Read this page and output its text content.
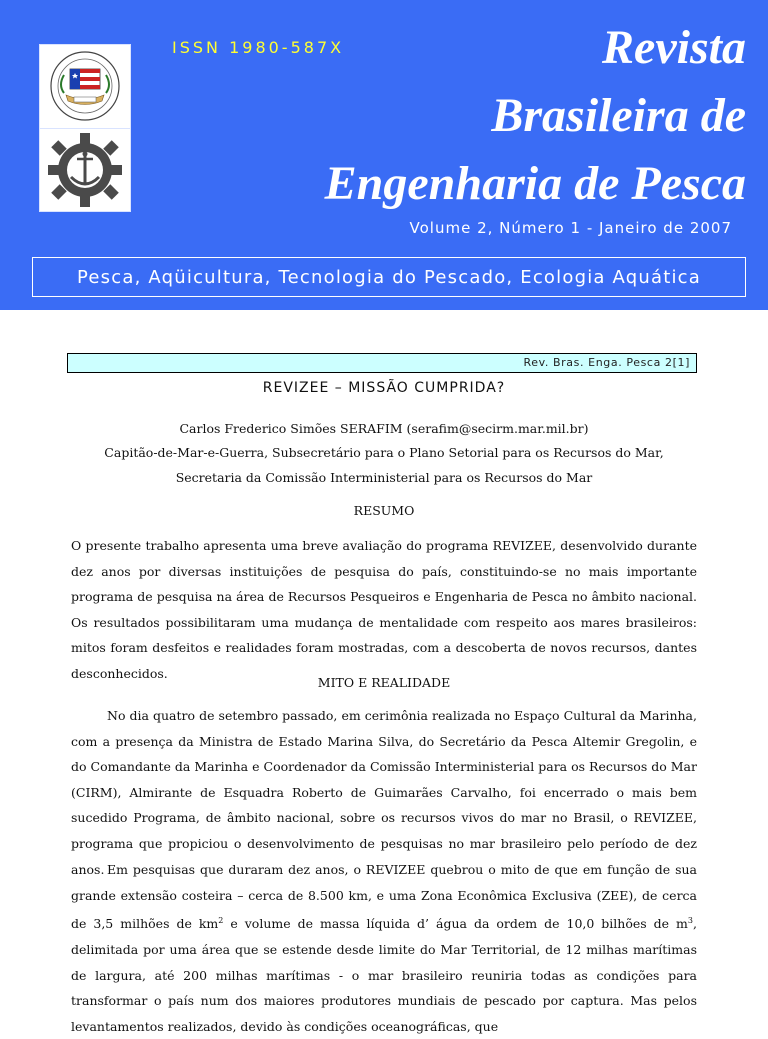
ISSN 1980-587X	Revista
Brasileira de
Engenharia de Pesca
Volume 2, Número 1 - Janeiro de 2007
Pesca, Aqüicultura, Tecnologia do Pescado, Ecologia Aquática
Rev. Bras. Enga. Pesca 2[1]
REVIZEE – MISSÃO CUMPRIDA?
Carlos Frederico Simões SERAFIM (serafim@secirm.mar.mil.br)
Capitão-de-Mar-e-Guerra, Subsecretário para o Plano Setorial para os Recursos do Mar,
Secretaria da Comissão Interministerial para os Recursos do Mar
RESUMO
O presente trabalho apresenta uma breve avaliação do programa REVIZEE, desenvolvido durante dez anos por diversas instituições de pesquisa do país, constituindo-se no mais importante programa de pesquisa na área de Recursos Pesqueiros e Engenharia de Pesca no âmbito nacional. Os resultados possibilitaram uma mudança de mentalidade com respeito aos mares brasileiros: mitos foram desfeitos e realidades foram mostradas, com a descoberta de novos recursos, dantes desconhecidos.
MITO E REALIDADE
No dia quatro de setembro passado, em cerimônia realizada no Espaço Cultural da Marinha, com a presença da Ministra de Estado Marina Silva, do Secretário da Pesca Altemir Gregolin, e do Comandante da Marinha e Coordenador da Comissão Interministerial para os Recursos do Mar (CIRM), Almirante de Esquadra Roberto de Guimarães Carvalho, foi encerrado o mais bem sucedido Programa, de âmbito nacional, sobre os recursos vivos do mar no Brasil, o REVIZEE, programa que propiciou o desenvolvimento de pesquisas no mar brasileiro pelo período de dez anos. Em pesquisas que duraram dez anos, o REVIZEE quebrou o mito de que em função de sua grande extensão costeira – cerca de 8.500 km, e uma Zona Econômica Exclusiva (ZEE), de cerca de 3,5 milhões de $km^2$ e volume de massa líquida d’ água da ordem de 10,0 bilhões de $m^3$, delimitada por uma área que se estende desde limite do Mar Territorial, de 12 milhas marítimas de largura, até 200 milhas marítimas - o mar brasileiro reuniria todas as condições para transformar o país num dos maiores produtores mundiais de pescado por captura. Mas pelos levantamentos realizados, devido às condições oceanográficas, que
